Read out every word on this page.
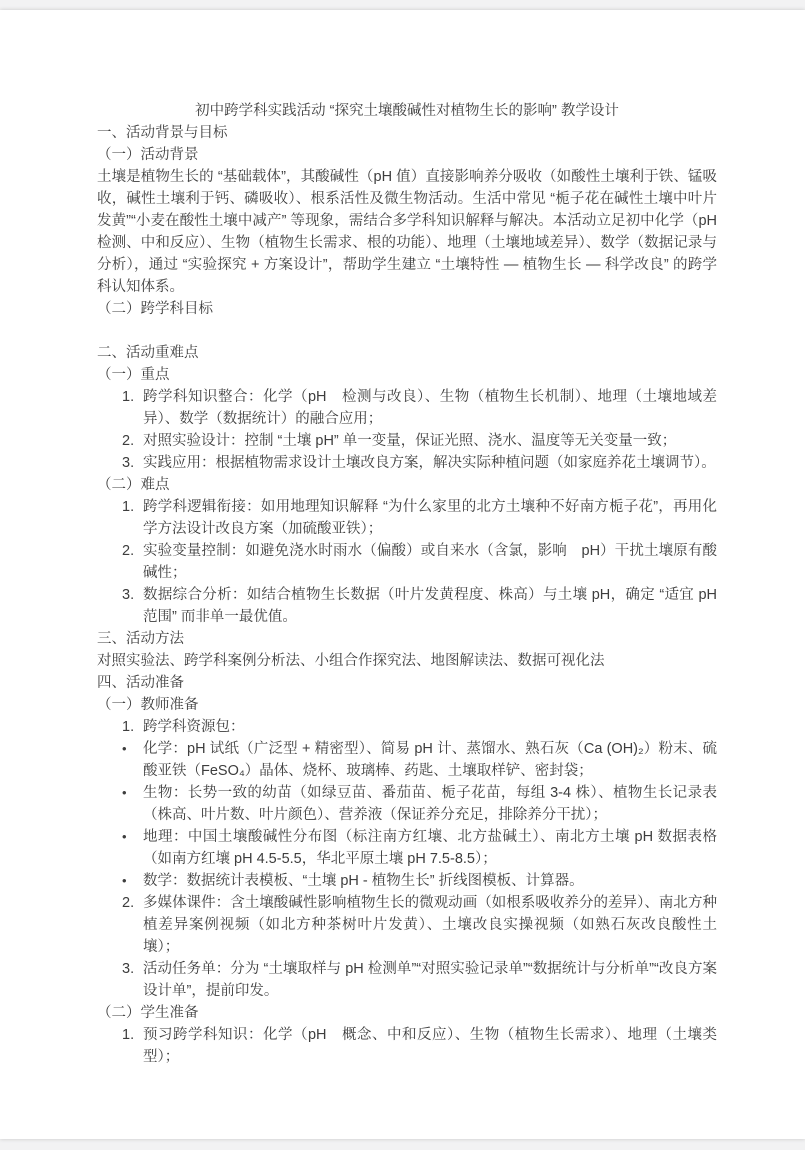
初中跨学科实践活动 “探究土壤酸碱性对植物生长的影响” 教学设计
一、活动背景与目标
（一）活动背景
土壤是植物生长的 “基础载体”，其酸碱性（pH 值）直接影响养分吸收（如酸性土壤利于铁、锰吸收，碱性土壤利于钙、磷吸收）、根系活性及微生物活动。生活中常见 “栀子花在碱性土壤中叶片发黄”“小麦在酸性土壤中减产” 等现象，需结合多学科知识解释与解决。本活动立足初中化学（pH 检测、中和反应）、生物（植物生长需求、根的功能）、地理（土壤地域差异）、数学（数据记录与分析），通过 “实验探究 + 方案设计”，帮助学生建立 “土壤特性 — 植物生长 — 科学改良” 的跨学科认知体系。
（二）跨学科目标
二、活动重难点
（一）重点
1. 跨学科知识整合：化学（pH　检测与改良）、生物（植物生长机制）、地理（土壤地域差异）、数学（数据统计）的融合应用；
2. 对照实验设计：控制 “土壤 pH” 单一变量，保证光照、浇水、温度等无关变量一致；
3. 实践应用：根据植物需求设计土壤改良方案，解决实际种植问题（如家庭养花土壤调节）。
（二）难点
1. 跨学科逻辑衔接：如用地理知识解释 “为什么家里的北方土壤种不好南方栀子花”，再用化学方法设计改良方案（加硫酸亚铁）；
2. 实验变量控制：如避免浇水时雨水（偏酸）或自来水（含氯，影响　pH）干扰土壤原有酸碱性；
3. 数据综合分析：如结合植物生长数据（叶片发黄程度、株高）与土壤 pH，确定 “适宜 pH 范围” 而非单一最优值。
三、活动方法
对照实验法、跨学科案例分析法、小组合作探究法、地图解读法、数据可视化法
四、活动准备
（一）教师准备
1. 跨学科资源包：
•	化学：pH 试纸（广泛型 + 精密型）、简易 pH 计、蒸馏水、熟石灰（Ca (OH)₂）粉末、硫酸亚铁（FeSO₄）晶体、烧杯、玻璃棒、药匙、土壤取样铲、密封袋；
•	生物：长势一致的幼苗（如绿豆苗、番茄苗、栀子花苗，每组 3-4 株）、植物生长记录表（株高、叶片数、叶片颜色）、营养液（保证养分充足，排除养分干扰）；
•	地理：中国土壤酸碱性分布图（标注南方红壤、北方盐碱土）、南北方土壤 pH 数据表格（如南方红壤 pH 4.5-5.5，华北平原土壤 pH 7.5-8.5）；
•	数学：数据统计表模板、“土壤 pH - 植物生长” 折线图模板、计算器。
2. 多媒体课件：含土壤酸碱性影响植物生长的微观动画（如根系吸收养分的差异）、南北方种植差异案例视频（如北方种茶树叶片发黄）、土壤改良实操视频（如熟石灰改良酸性土壤）；
3. 活动任务单：分为 “土壤取样与 pH 检测单”“对照实验记录单”“数据统计与分析单”“改良方案设计单”，提前印发。
（二）学生准备
1. 预习跨学科知识：化学（pH　概念、中和反应）、生物（植物生长需求）、地理（土壤类型）；
